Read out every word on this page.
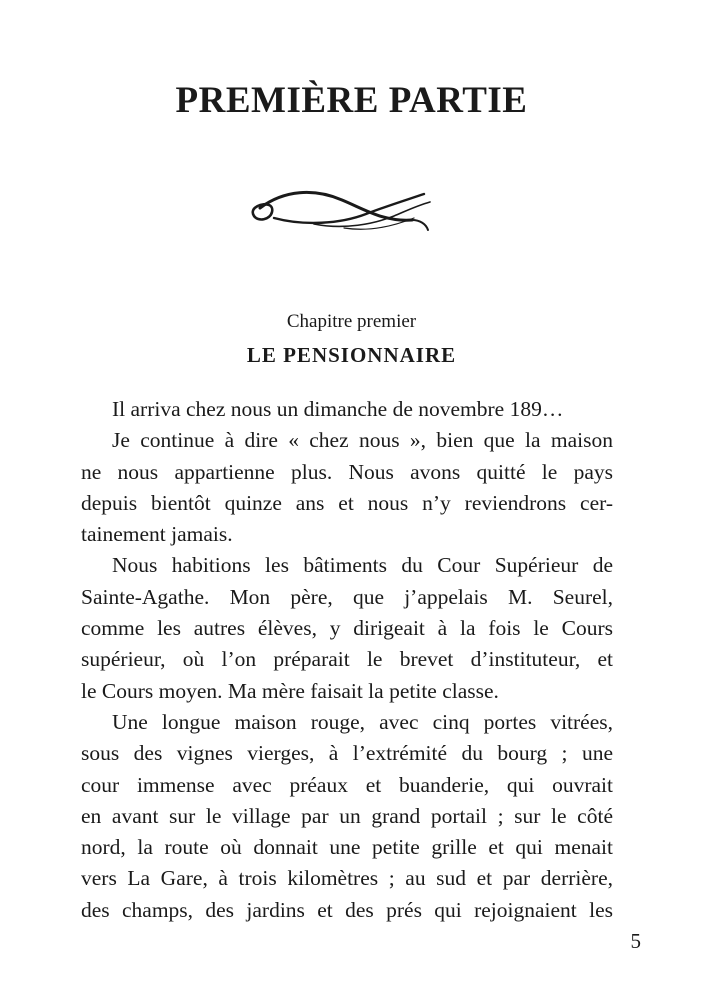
PREMIÈRE PARTIE
Chapitre premier
LE PENSIONNAIRE
Il arriva chez nous un dimanche de novembre 189…
Je continue à dire « chez nous », bien que la maison
ne nous appartienne plus. Nous avons quitté le pays
depuis bientôt quinze ans et nous n’y reviendrons cer-
tainement jamais.
Nous habitions les bâtiments du Cour Supérieur de
Sainte-Agathe. Mon père, que j’appelais M. Seurel,
comme les autres élèves, y dirigeait à la fois le Cours
supérieur, où l’on préparait le brevet d’instituteur, et
le Cours moyen. Ma mère faisait la petite classe.
Une longue maison rouge, avec cinq portes vitrées,
sous des vignes vierges, à l’extrémité du bourg ; une
cour immense avec préaux et buanderie, qui ouvrait
en avant sur le village par un grand portail ; sur le côté
nord, la route où donnait une petite grille et qui menait
vers La Gare, à trois kilomètres ; au sud et par derrière,
des champs, des jardins et des prés qui rejoignaient les
5
